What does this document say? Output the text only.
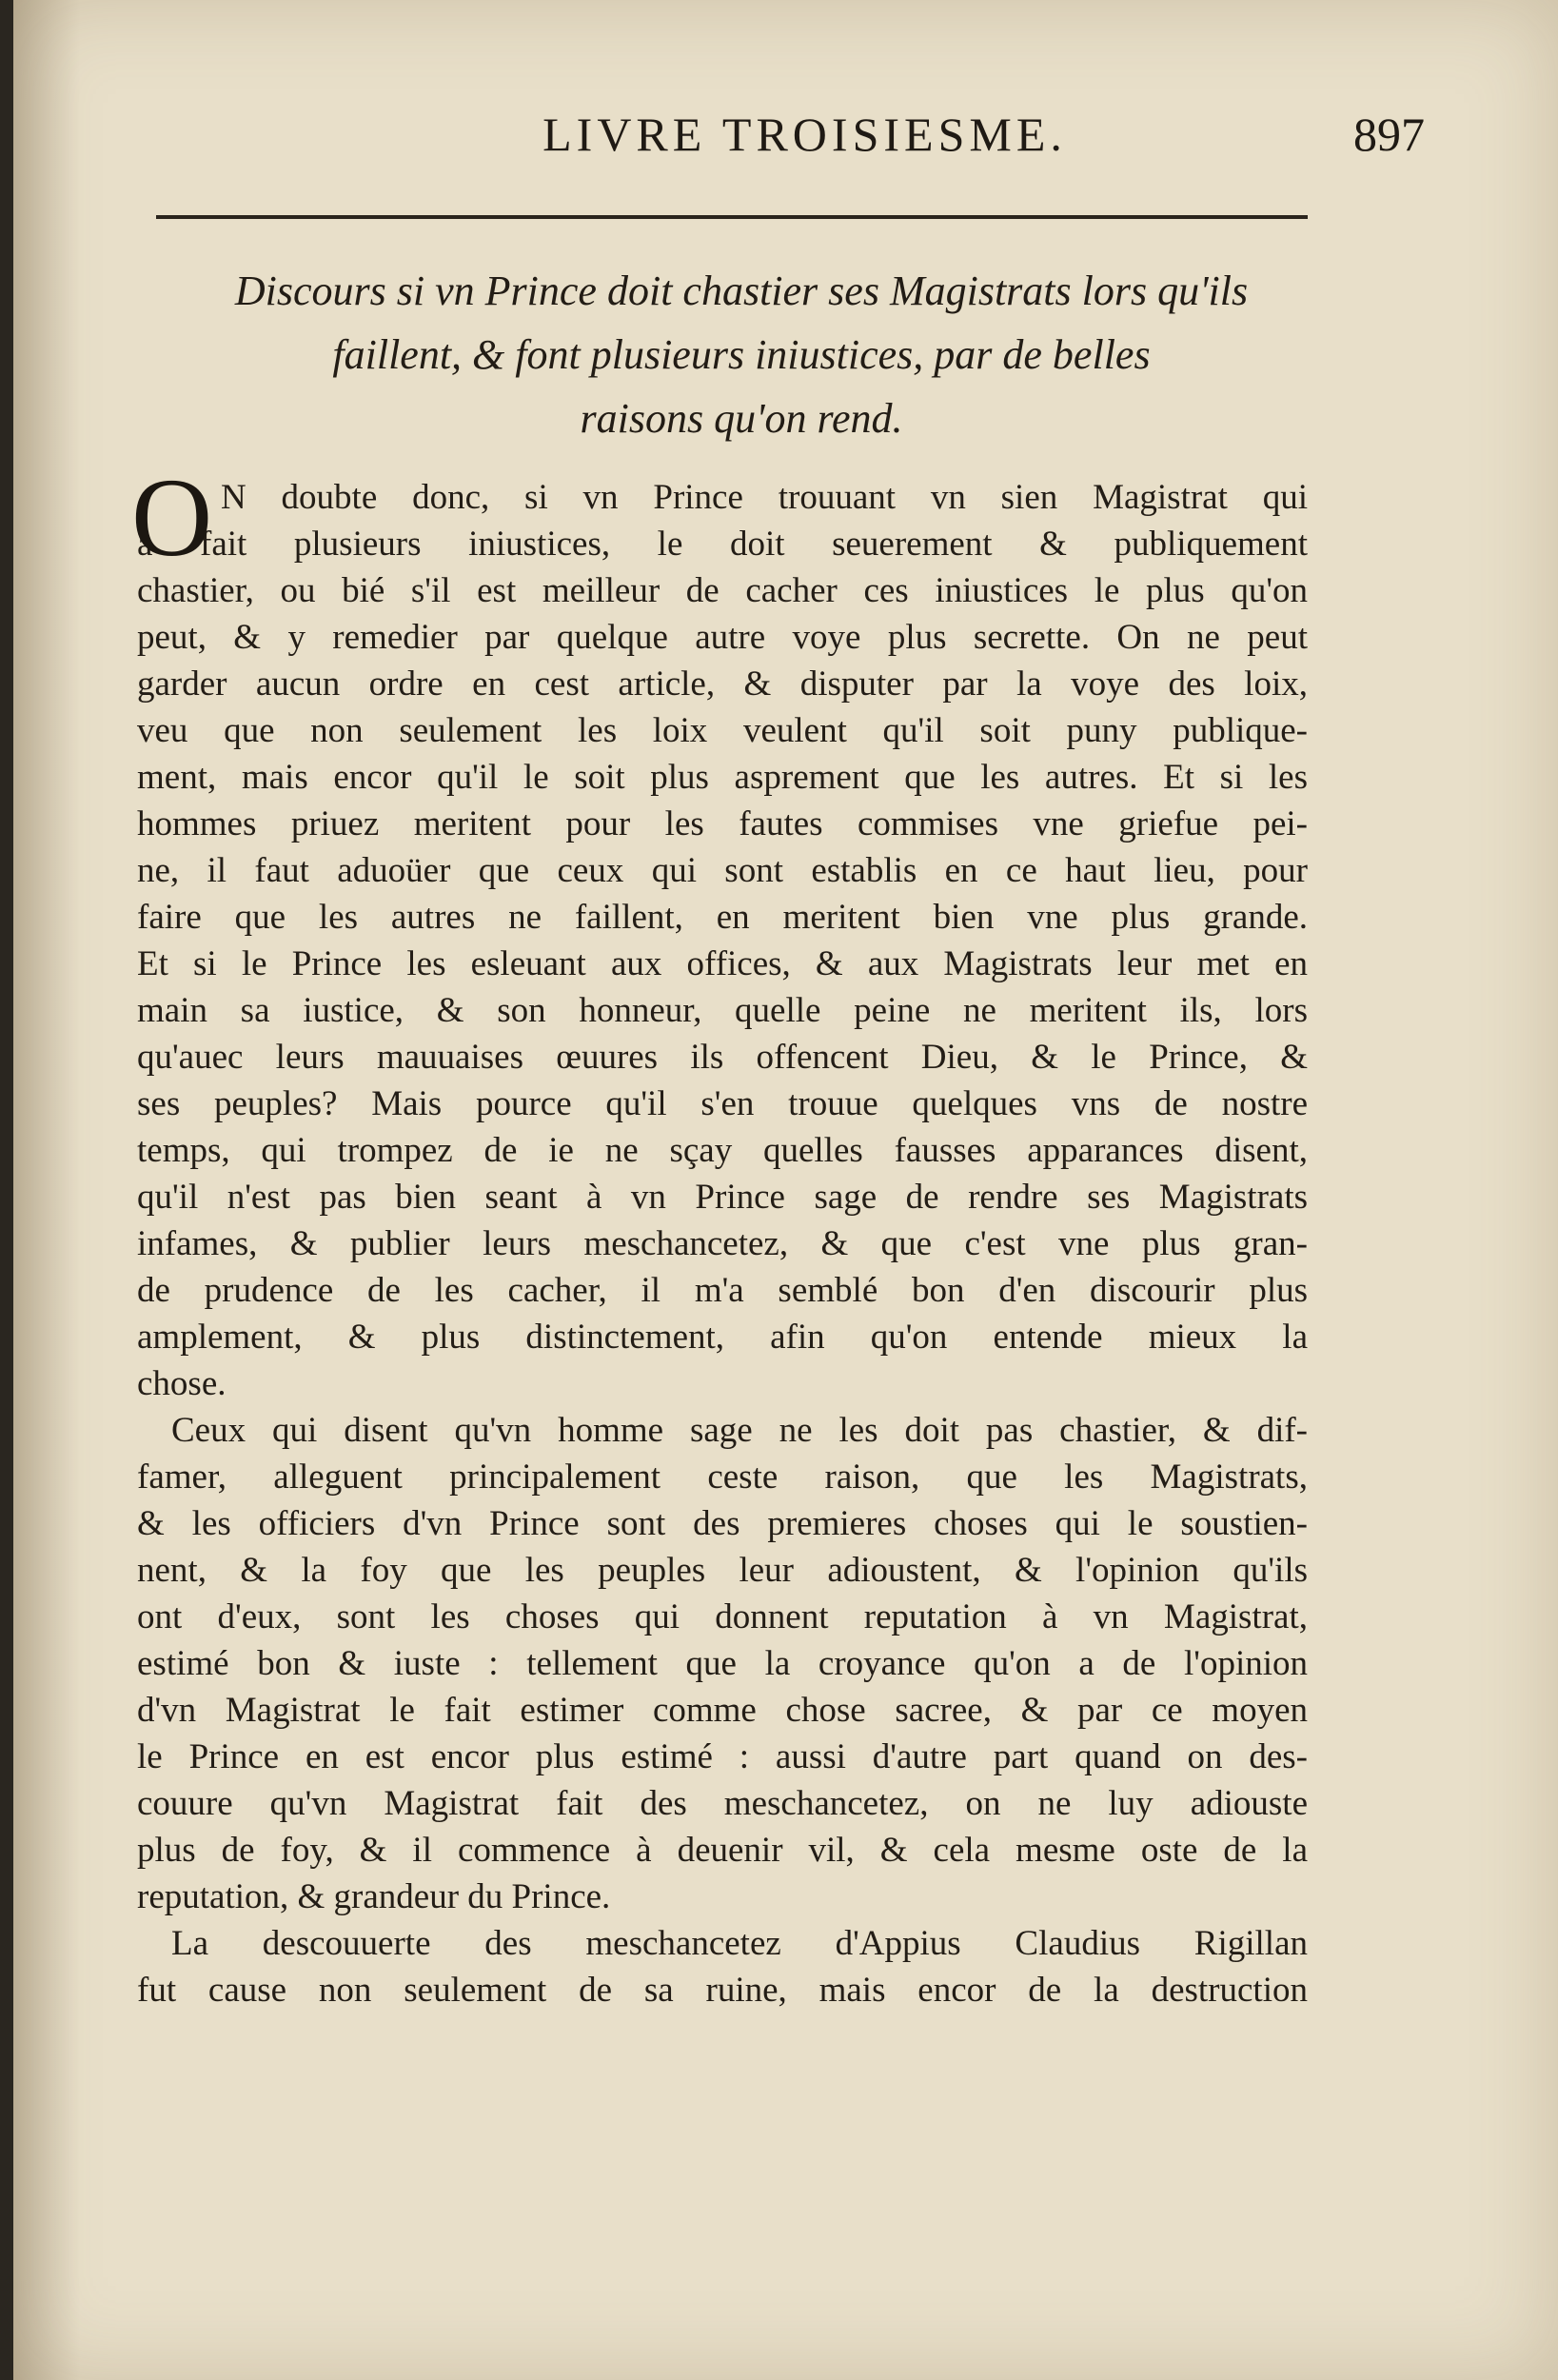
LIVRE TROISIESME.	897
Discours si vn Prince doit chastier ses Magistrats lors qu'ils
faillent, & font plusieurs iniustices, par de belles
raisons qu'on rend.
O N doubte donc, si vn Prince trouuant vn sien Magistrat qui
a fait plusieurs iniustices, le doit seuerement & publiquement
chastier, ou bié s'il est meilleur de cacher ces iniustices le plus qu'on
peut, & y remedier par quelque autre voye plus secrette. On ne peut
garder aucun ordre en cest article, & disputer par la voye des loix,
veu que non seulement les loix veulent qu'il soit puny publique-
ment, mais encor qu'il le soit plus asprement que les autres. Et si les
hommes priuez meritent pour les fautes commises vne griefue pei-
ne, il faut aduoüer que ceux qui sont establis en ce haut lieu, pour
faire que les autres ne faillent, en meritent bien vne plus grande.
Et si le Prince les esleuant aux offices, & aux Magistrats leur met en
main sa iustice, & son honneur, quelle peine ne meritent ils, lors
qu'auec leurs mauuaises œuures ils offencent Dieu, & le Prince, &
ses peuples? Mais pource qu'il s'en trouue quelques vns de nostre
temps, qui trompez de ie ne sçay quelles fausses apparances disent,
qu'il n'est pas bien seant à vn Prince sage de rendre ses Magistrats
infames, & publier leurs meschancetez, & que c'est vne plus gran-
de prudence de les cacher, il m'a semblé bon d'en discourir plus
amplement, & plus distinctement, afin qu'on entende mieux la
chose.
Ceux qui disent qu'vn homme sage ne les doit pas chastier, & dif-
famer, alleguent principalement ceste raison, que les Magistrats,
& les officiers d'vn Prince sont des premieres choses qui le soustien-
nent, & la foy que les peuples leur adioustent, & l'opinion qu'ils
ont d'eux, sont les choses qui donnent reputation à vn Magistrat,
estimé bon & iuste : tellement que la croyance qu'on a de l'opinion
d'vn Magistrat le fait estimer comme chose sacree, & par ce moyen
le Prince en est encor plus estimé : aussi d'autre part quand on des-
couure qu'vn Magistrat fait des meschancetez, on ne luy adiouste
plus de foy, & il commence à deuenir vil, & cela mesme oste de la
reputation, & grandeur du Prince.
La descouuerte des meschancetez d'Appius Claudius Rigillan
fut cause non seulement de sa ruine, mais encor de la destruction
